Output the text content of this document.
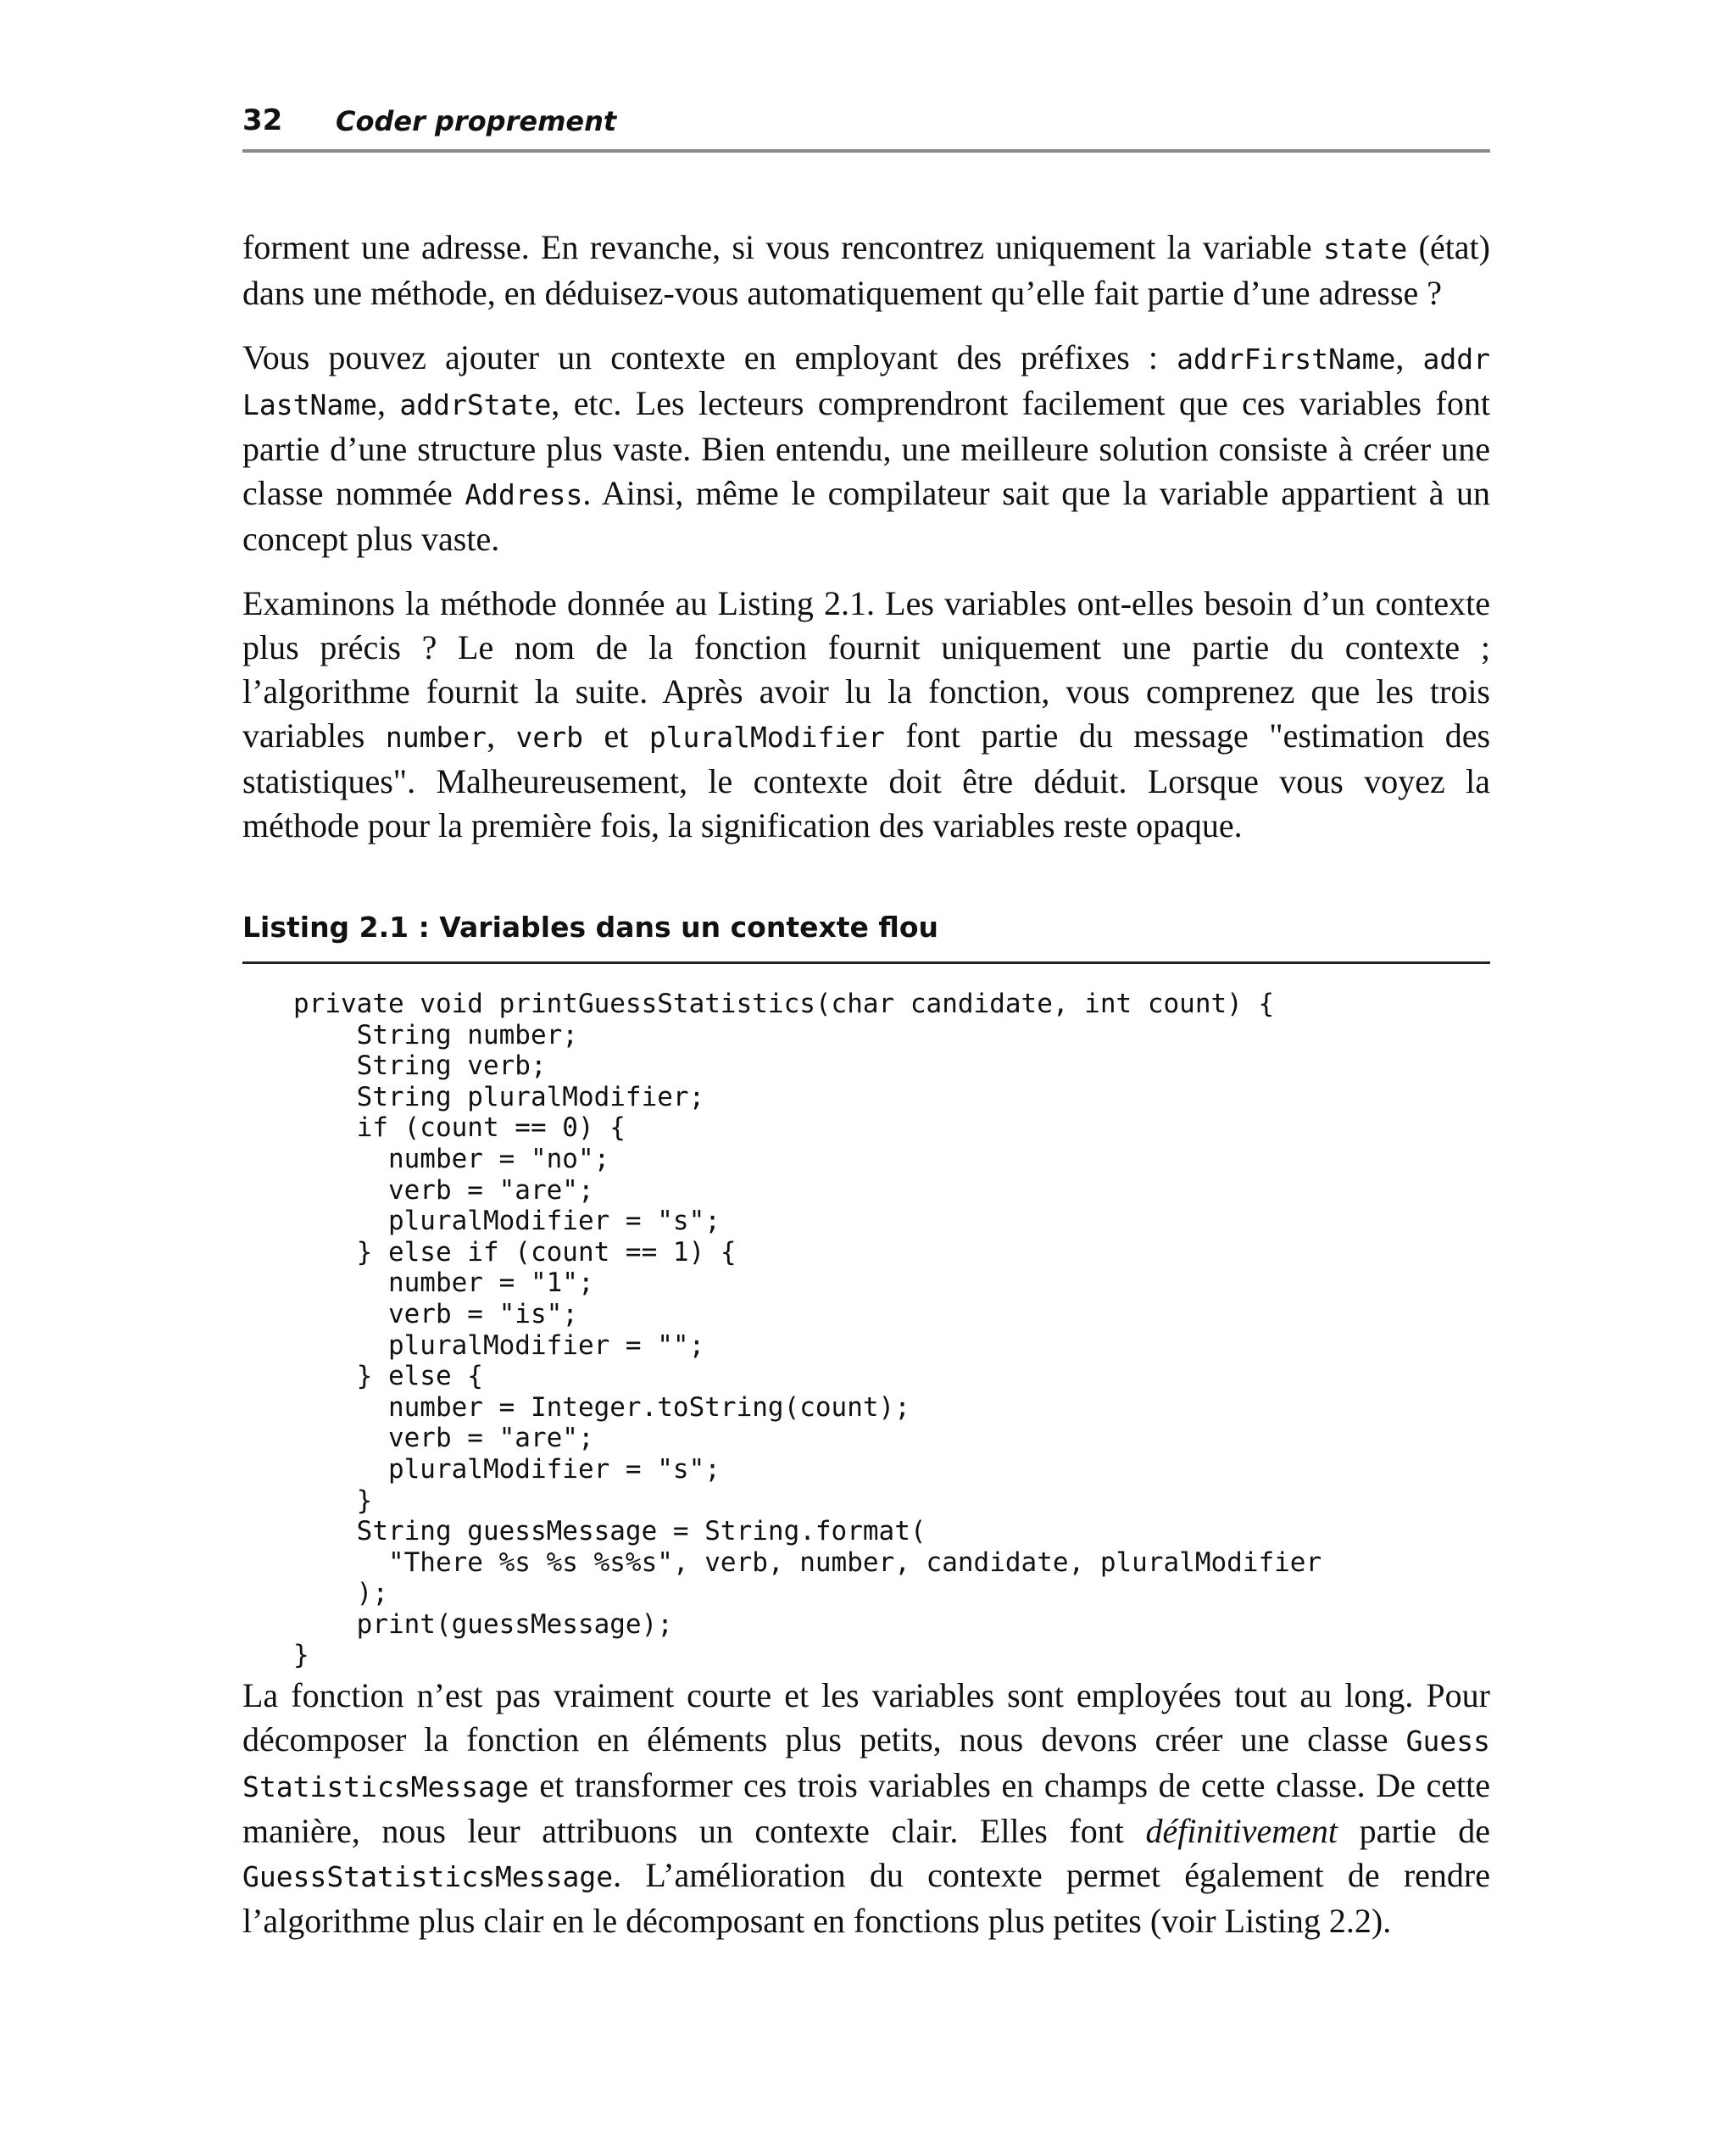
32 Coder proprement

forment une adresse. En revanche, si vous rencontrez uniquement la variable state (état) dans une méthode, en déduisez-vous automatiquement qu’elle fait partie d’une adresse ?

Vous pouvez ajouter un contexte en employant des préfixes : addrFirstName, addr LastName, addrState, etc. Les lecteurs comprendront facilement que ces variables font partie d’une structure plus vaste. Bien entendu, une meilleure solution consiste à créer une classe nommée Address. Ainsi, même le compilateur sait que la variable appartient à un concept plus vaste.

Examinons la méthode donnée au Listing 2.1. Les variables ont-elles besoin d’un contexte plus précis ? Le nom de la fonction fournit uniquement une partie du contexte ; l’algorithme fournit la suite. Après avoir lu la fonction, vous comprenez que les trois variables number, verb et pluralModifier font partie du message "estimation des statistiques". Malheureusement, le contexte doit être déduit. Lorsque vous voyez la méthode pour la première fois, la signification des variables reste opaque.

Listing 2.1 : Variables dans un contexte flou
private void printGuessStatistics(char candidate, int count) {
String number;
String verb;
String pluralModifier;
if (count == 0) {
number = "no";
verb = "are";
pluralModifier = "s";
} else if (count == 1) {
number = "1";
verb = "is";
pluralModifier = "";
} else {
number = Integer.toString(count);
verb = "are";
pluralModifier = "s";
}
String guessMessage = String.format(
"There %s %s %s%s", verb, number, candidate, pluralModifier
);
print(guessMessage);
}

La fonction n’est pas vraiment courte et les variables sont employées tout au long. Pour décomposer la fonction en éléments plus petits, nous devons créer une classe Guess StatisticsMessage et transformer ces trois variables en champs de cette classe. De cette manière, nous leur attribuons un contexte clair. Elles font définitivement partie de GuessStatisticsMessage. L’amélioration du contexte permet également de rendre l’algorithme plus clair en le décomposant en fonctions plus petites (voir Listing 2.2).
